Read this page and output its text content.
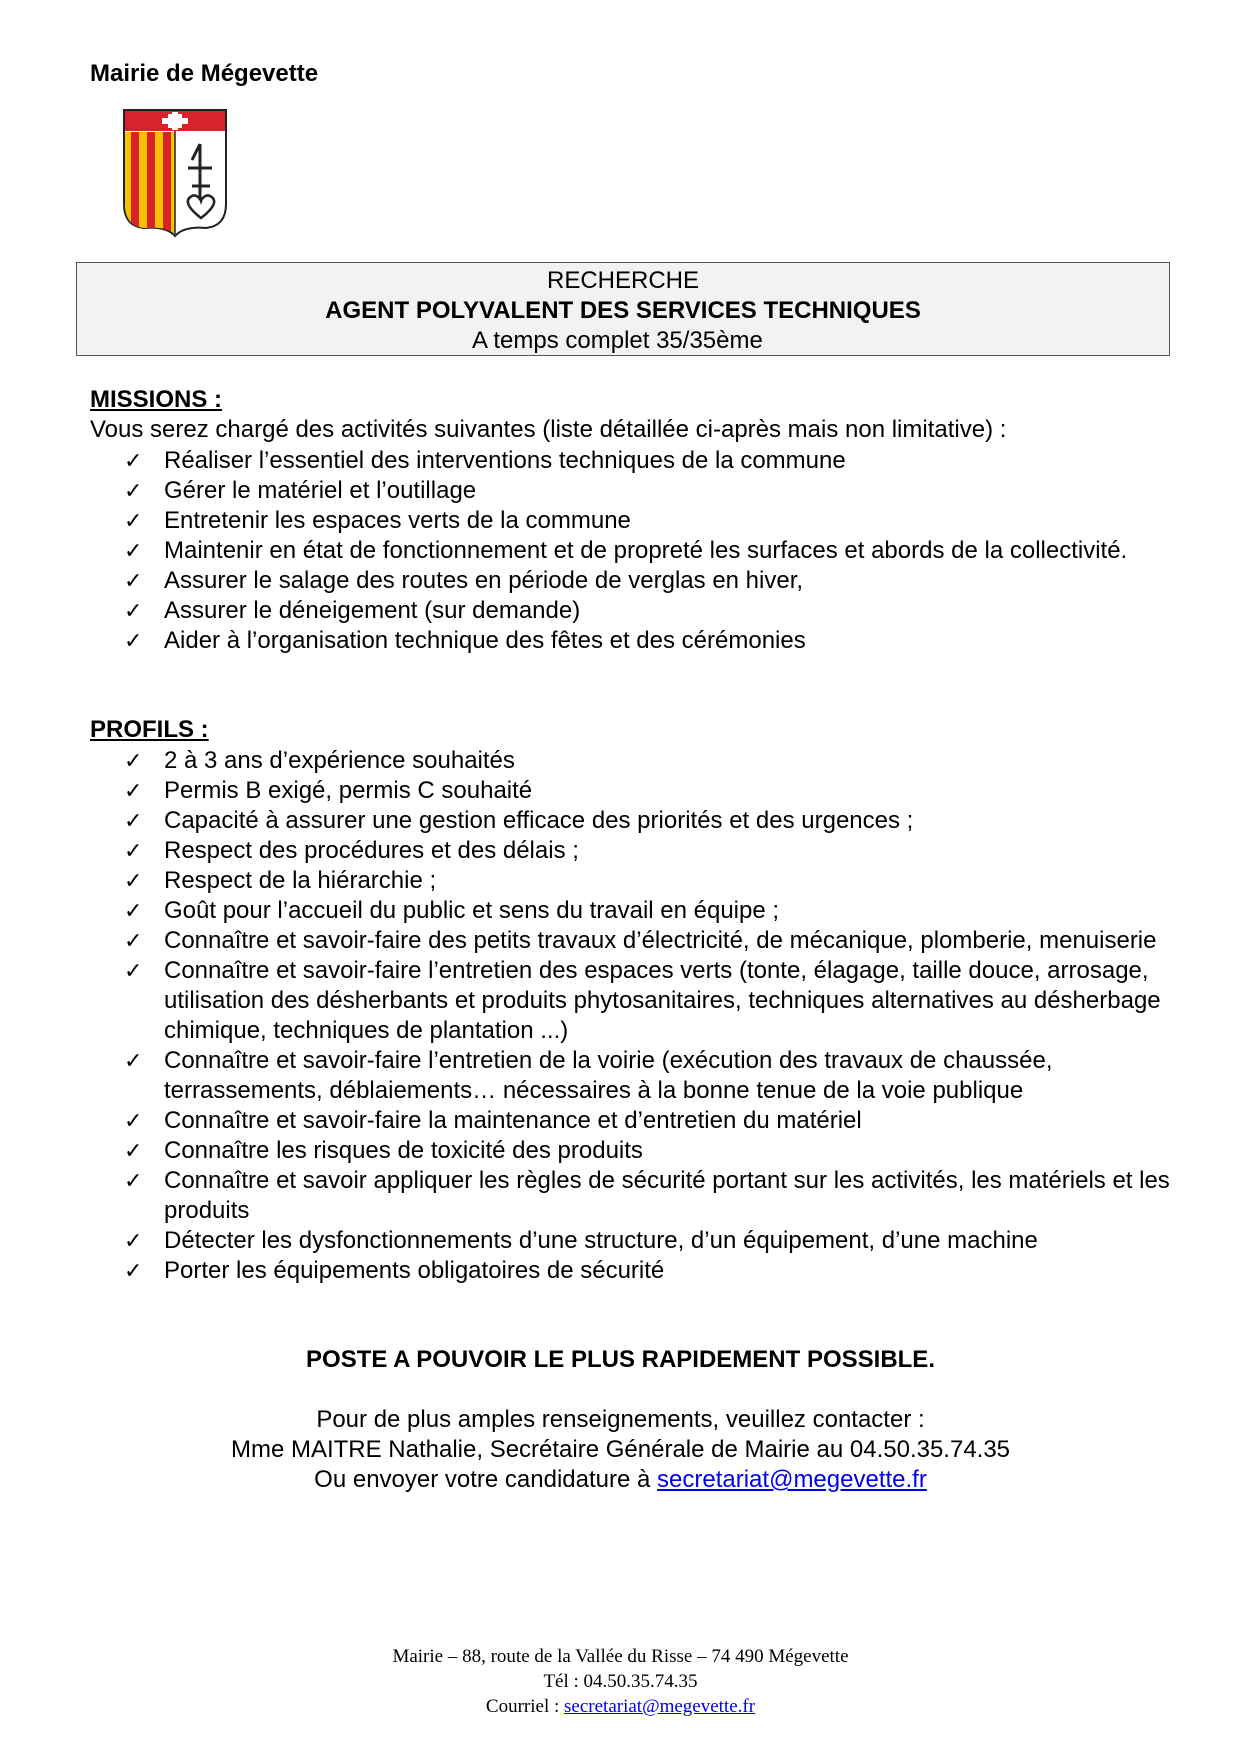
Mairie de Mégevette
RECHERCHE
AGENT POLYVALENT DES SERVICES TECHNIQUES
A temps complet 35/35ème
MISSIONS :
Vous serez chargé des activités suivantes (liste détaillée ci-après mais non limitative) :
✓ Réaliser l’essentiel des interventions techniques de la commune
✓ Gérer le matériel et l’outillage
✓ Entretenir les espaces verts de la commune
✓ Maintenir en état de fonctionnement et de propreté les surfaces et abords de la collectivité.
✓ Assurer le salage des routes en période de verglas en hiver,
✓ Assurer le déneigement (sur demande)
✓ Aider à l’organisation technique des fêtes et des cérémonies
PROFILS :
✓ 2 à 3 ans d’expérience souhaités
✓ Permis B exigé, permis C souhaité
✓ Capacité à assurer une gestion efficace des priorités et des urgences ;
✓ Respect des procédures et des délais ;
✓ Respect de la hiérarchie ;
✓ Goût pour l’accueil du public et sens du travail en équipe ;
✓ Connaître et savoir-faire des petits travaux d’électricité, de mécanique, plomberie, menuiserie
✓ Connaître et savoir-faire l’entretien des espaces verts (tonte, élagage, taille douce, arrosage, utilisation des désherbants et produits phytosanitaires, techniques alternatives au désherbage chimique, techniques de plantation ...)
✓ Connaître et savoir-faire l’entretien de la voirie (exécution des travaux de chaussée, terrassements, déblaiements… nécessaires à la bonne tenue de la voie publique
✓ Connaître et savoir-faire la maintenance et d’entretien du matériel
✓ Connaître les risques de toxicité des produits
✓ Connaître et savoir appliquer les règles de sécurité portant sur les activités, les matériels et les produits
✓ Détecter les dysfonctionnements d’une structure, d’un équipement, d’une machine
✓ Porter les équipements obligatoires de sécurité
POSTE A POUVOIR LE PLUS RAPIDEMENT POSSIBLE.
Pour de plus amples renseignements, veuillez contacter :
Mme MAITRE Nathalie, Secrétaire Générale de Mairie au 04.50.35.74.35
Ou envoyer votre candidature à secretariat@megevette.fr
Mairie – 88, route de la Vallée du Risse – 74 490 Mégevette
Tél : 04.50.35.74.35
Courriel : secretariat@megevette.fr
